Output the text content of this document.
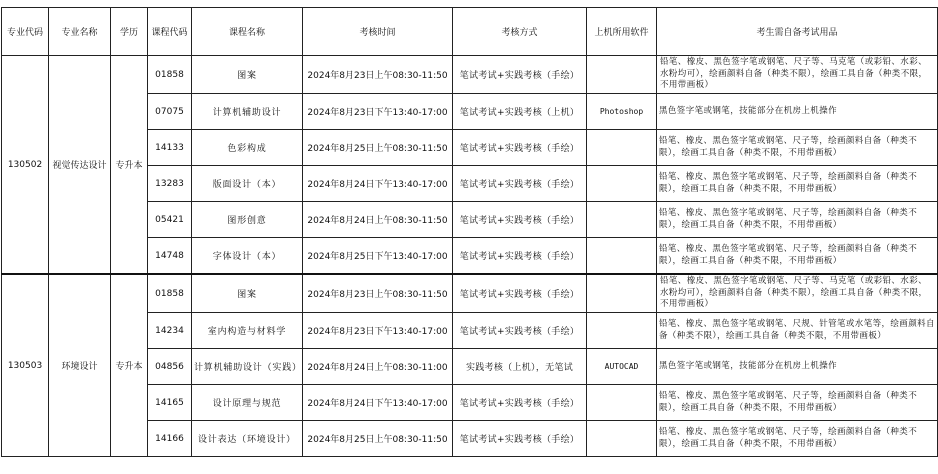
专业代码	专业名称	学历	课程代码	课程名称	考核时间	考核方式	上机所用软件	考生需自备考试用品
130502	视觉传达设计	专升本	01858	图案	2024年8月23日上午08:30-11:50	笔试考试+实践考核（手绘）		铅笔、橡皮、黑色签字笔或钢笔、尺子等、马克笔（或彩铅、水彩、水粉均可），绘画颜料自备（种类不限），绘画工具自备（种类不限，不用带画板）
			07075	计算机辅助设计	2024年8月23日下午13:40-17:00	笔试考试+实践考核（上机）	Photoshop	黑色签字笔或钢笔，技能部分在机房上机操作
			14133	色彩构成	2024年8月25日上午08:30-11:50	笔试考试+实践考核（手绘）		铅笔、橡皮、黑色签字笔或钢笔、尺子等，绘画颜料自备（种类不限），绘画工具自备（种类不限，不用带画板）
			13283	版面设计（本）	2024年8月24日下午13:40-17:00	笔试考试+实践考核（手绘）		铅笔、橡皮、黑色签字笔或钢笔、尺子等，绘画颜料自备（种类不限），绘画工具自备（种类不限，不用带画板）
			05421	图形创意	2024年8月24日上午08:30-11:50	笔试考试+实践考核（手绘）		铅笔、橡皮、黑色签字笔或钢笔、尺子等，绘画颜料自备（种类不限），绘画工具自备（种类不限，不用带画板）
			14748	字体设计（本）	2024年8月25日下午13:40-17:00	笔试考试+实践考核（手绘）		铅笔、橡皮、黑色签字笔或钢笔、尺子等，绘画颜料自备（种类不限），绘画工具自备（种类不限，不用带画板）
130503	环境设计	专升本	01858	图案	2024年8月23日上午08:30-11:50	笔试考试+实践考核（手绘）		铅笔、橡皮、黑色签字笔或钢笔、尺子等、马克笔（或彩铅、水彩、水粉均可），绘画颜料自备（种类不限），绘画工具自备（种类不限，不用带画板）
			14234	室内构造与材料学	2024年8月23日下午13:40-17:00	笔试考试+实践考核（手绘）		铅笔、橡皮、黑色签字笔或钢笔、尺规、针管笔或水笔等，绘画颜料自备（种类不限），绘画工具自备（种类不限，不用带画板）
			04856	计算机辅助设计（实践）	2024年8月24日上午08:30-11:00	实践考核（上机），无笔试	AUTOCAD	黑色签字笔或钢笔，技能部分在机房上机操作
			14165	设计原理与规范	2024年8月24日下午13:40-17:00	笔试考试+实践考核（手绘）		铅笔、橡皮、黑色签字笔或钢笔、尺子等，绘画颜料自备（种类不限），绘画工具自备（种类不限，不用带画板）
			14166	设计表达（环境设计）	2024年8月25日上午08:30-11:50	笔试考试+实践考核（手绘）		铅笔、橡皮、黑色签字笔或钢笔、尺子等，绘画颜料自备（种类不限），绘画工具自备（种类不限，不用带画板）
